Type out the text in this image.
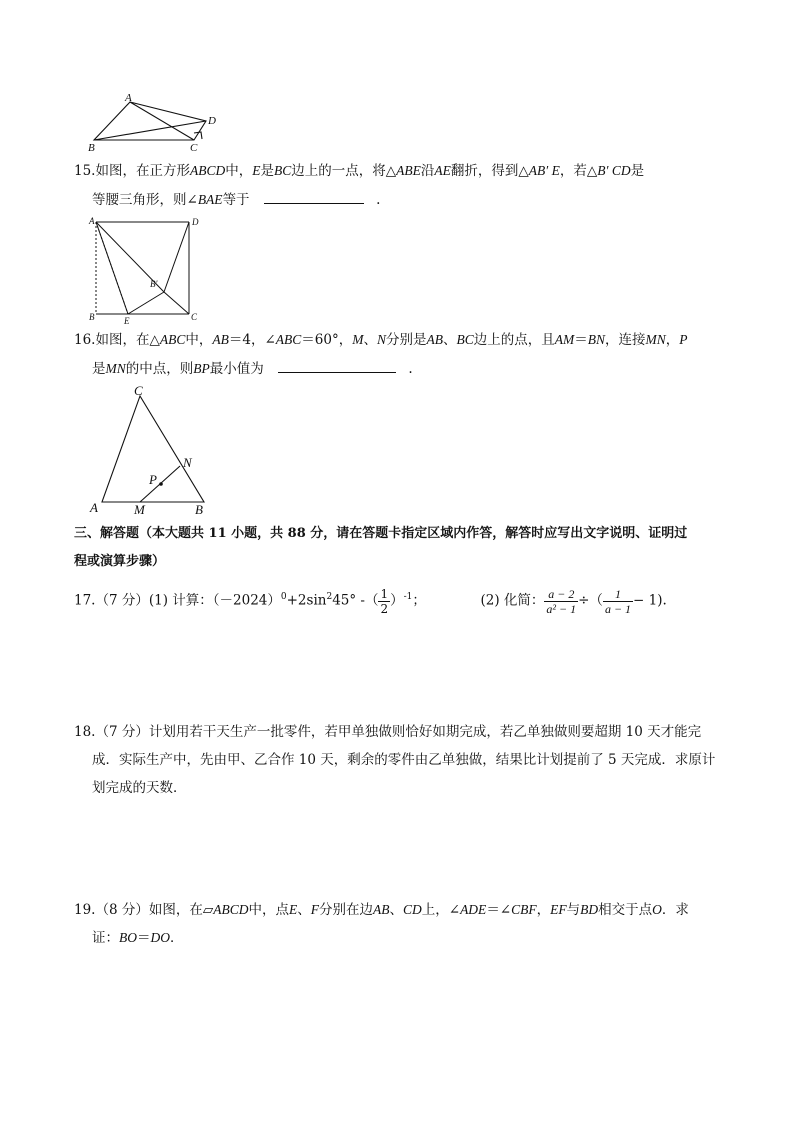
A
B	C
D
15.如图，在正方形ABCD中，E是BC边上的一点，将△ABE沿AE翻折，得到△AB′ E，若△B′ CD是
等腰三角形，则∠BAE等于	.
A	D
B	E	C
B′
16.如图，在△ABC中，AB＝4，∠ABC＝60°，M、N分别是AB、BC边上的点，且AM＝BN，连接MN，P
是MN的中点，则BP最小值为	.
C
N
P
A	M	B
三、解答题（本大题共 11 小题，共 88 分，请在答题卡指定区域内作答，解答时应写出文字说明、证明过
程或演算步骤）
17.（7 分）(1) 计算：$(-2024)^0+2\sin^245^\circ$ -（ $\frac{1}{2} )^{-1}$；	(2) 化简： $\frac{a - 2}{\text{a² − 1}}$ ÷（ $\frac{1}{a - 1} - 1$).
18.（7 分）计划用若干天生产一批零件，若甲单独做则恰好如期完成，若乙单独做则要超期 10 天才能完
成．实际生产中，先由甲、乙合作 10 天，剩余的零件由乙单独做，结果比计划提前了 5 天完成．求原计
划完成的天数．
19.（8 分）如图，在▱ABCD中，点E、F分别在边AB、CD上，∠ADE＝∠CBF，EF与BD相交于点O．求
证：BO＝DO．
